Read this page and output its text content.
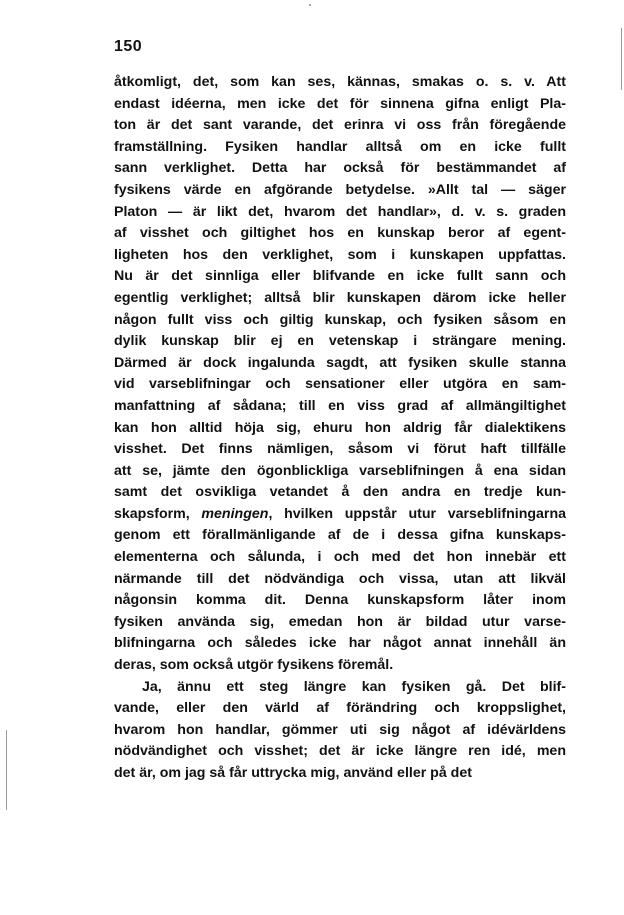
150
åtkomligt, det, som kan ses, kännas, smakas o. s. v. Att
endast idéerna, men icke det för sinnena gifna enligt Pla-
ton är det sant varande, det erinra vi oss från föregående
framställning. Fysiken handlar alltså om en icke fullt
sann verklighet. Detta har också för bestämmandet af
fysikens värde en afgörande betydelse. »Allt tal — säger
Platon — är likt det, hvarom det handlar», d. v. s. graden
af visshet och giltighet hos en kunskap beror af egent-
ligheten hos den verklighet, som i kunskapen uppfattas.
Nu är det sinnliga eller blifvande en icke fullt sann och
egentlig verklighet; alltså blir kunskapen därom icke heller
någon fullt viss och giltig kunskap, och fysiken såsom en
dylik kunskap blir ej en vetenskap i strängare mening.
Därmed är dock ingalunda sagdt, att fysiken skulle stanna
vid varseblifningar och sensationer eller utgöra en sam-
manfattning af sådana; till en viss grad af allmängiltighet
kan hon alltid höja sig, ehuru hon aldrig får dialektikens
visshet. Det finns nämligen, såsom vi förut haft tillfälle
att se, jämte den ögonblickliga varseblifningen å ena sidan
samt det osvikliga vetandet å den andra en tredje kun-
skapsform, meningen, hvilken uppstår utur varseblifningarna
genom ett förallmänligande af de i dessa gifna kunskaps-
elementerna och sålunda, i och med det hon innebär ett
närmande till det nödvändiga och vissa, utan att likväl
någonsin komma dit. Denna kunskapsform låter inom
fysiken använda sig, emedan hon är bildad utur varse-
blifningarna och således icke har något annat innehåll än
deras, som också utgör fysikens föremål.
Ja, ännu ett steg längre kan fysiken gå. Det blif-
vande, eller den värld af förändring och kroppslighet,
hvarom hon handlar, gömmer uti sig något af idévärldens
nödvändighet och visshet; det är icke längre ren idé, men
det är, om jag så får uttrycka mig, använd eller på det
